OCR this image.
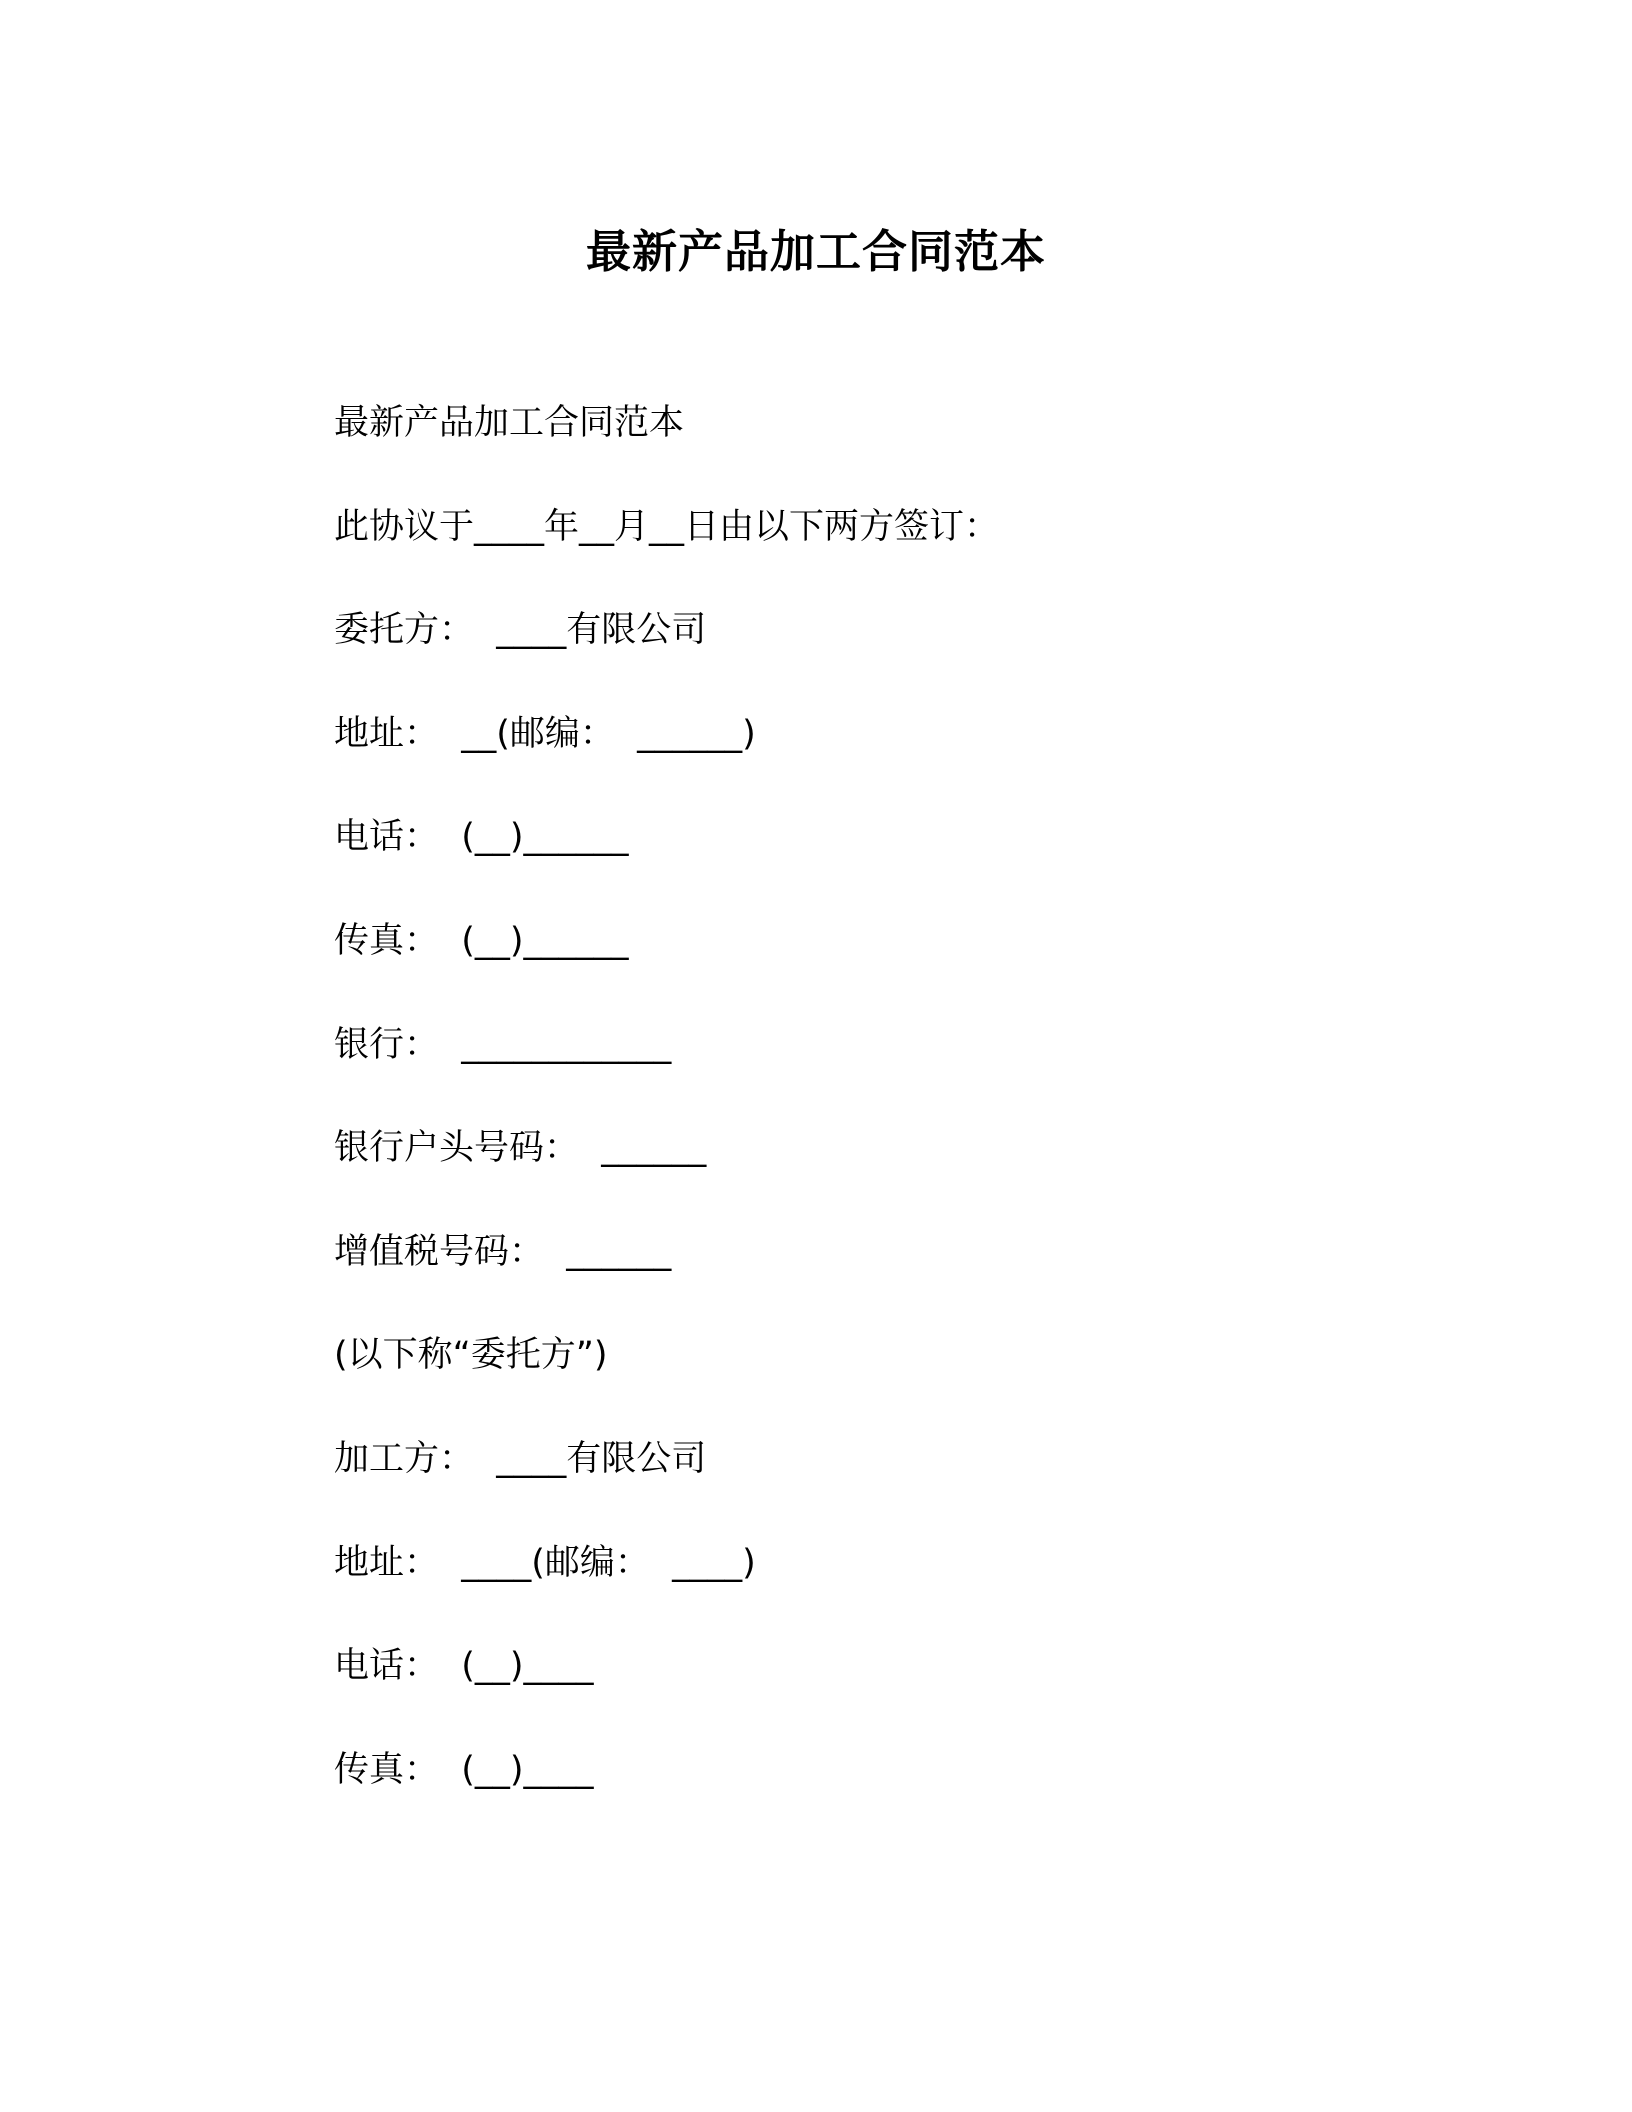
最新产品加工合同范本
最新产品加工合同范本
此协议于____年__月__日由以下两方签订：
委托方：  ____有限公司
地址：  __(邮编：  ______)
电话：  (__)______
传真：  (__)______
银行：  ____________
银行户头号码：  ______
增值税号码：  ______
(以下称“委托方”)
加工方：  ____有限公司
地址：  ____(邮编：  ____)
电话：  (__)____
传真：  (__)____
